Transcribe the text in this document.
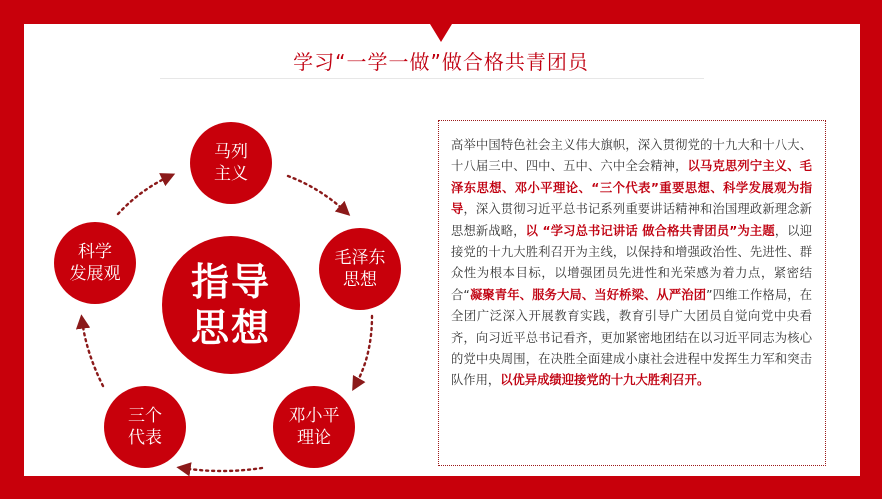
学习“一学一做”做合格共青团员
马列
主义
毛泽东
思想
邓小平
理论
三个
代表
科学
发展观 指导
思想

高举中国特色社会主义伟大旗帜，深入贯彻党的十九大和十八大、十八届三中、四中、五中、六中全会精神，以马克思列宁主义、毛泽东思想、邓小平理论、“三个代表”重要思想、科学发展观为指导，深入贯彻习近平总书记系列重要讲话精神和治国理政新理念新思想新战略，以 “学习总书记讲话 做合格共青团员”为主题，以迎接党的十九大胜利召开为主线，以保持和增强政治性、先进性、群众性为根本目标，以增强团员先进性和光荣感为着力点，紧密结合“凝聚青年、服务大局、当好桥梁、从严治团”四维工作格局，在全团广泛深入开展教育实践，教育引导广大团员自觉向党中央看齐，向习近平总书记看齐，更加紧密地团结在以习近平同志为核心的党中央周围，在决胜全面建成小康社会进程中发挥生力军和突击队作用，以优异成绩迎接党的十九大胜利召开。
